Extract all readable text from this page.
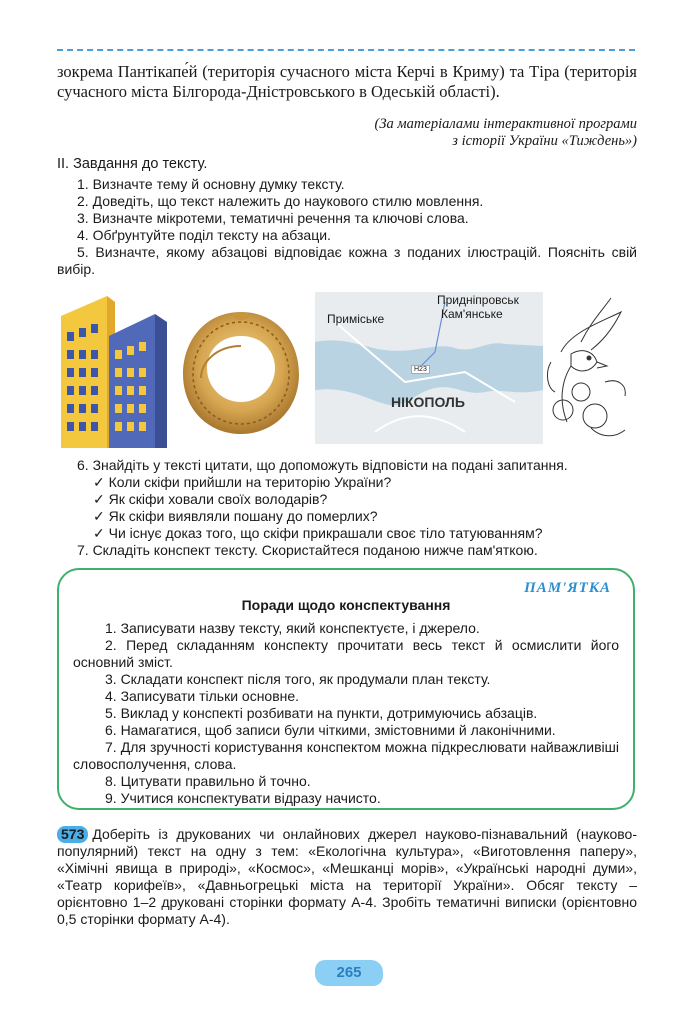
зокрема Пантікапе́й (територія сучасного міста Керчі в Криму) та Тіра (територія сучасного міста Білгорода-Дністровського в Одеській області).
(За матеріалами інтерактивної програми
з історії України «Тиждень»)
ІІ. Завдання до тексту.
1. Визначте тему й основну думку тексту.
2. Доведіть, що текст належить до наукового стилю мовлення.
3. Визначте мікротеми, тематичні речення та ключові слова.
4. Обґрунтуйте поділ тексту на абзаци.
5. Визначте, якому абзацові відповідає кожна з поданих ілюстрацій. Поясніть свій вибір.
Придніпровськ
Кам'янське
Приміське
H23
НІКОПОЛЬ
6. Знайдіть у тексті цитати, що допоможуть відповісти на подані запитання.
✓ Коли скіфи прийшли на територію України?
✓ Як скіфи ховали своїх володарів?
✓ Як скіфи виявляли пошану до померлих?
✓ Чи існує доказ того, що скіфи прикрашали своє тіло татуюванням?
7. Складіть конспект тексту. Скористайтеся поданою нижче пам'яткою.
ПАМ'ЯТКА
Поради щодо конспектування
1. Записувати назву тексту, який конспектуєте, і джерело.
2. Перед складанням конспекту прочитати весь текст й осмислити його основний зміст.
3. Складати конспект після того, як продумали план тексту.
4. Записувати тільки основне.
5. Виклад у конспекті розбивати на пункти, дотримуючись абзаців.
6. Намагатися, щоб записи були чіткими, змістовними й лаконічними.
7. Для зручності користування конспектом можна підкреслювати найважливіші словосполучення, слова.
8. Цитувати правильно й точно.
9. Учитися конспектувати відразу начисто.
573 Доберіть із друкованих чи онлайнових джерел науково-пізнавальний (науково-популярний) текст на одну з тем: «Екологічна культура», «Виготовлення паперу», «Хімічні явища в природі», «Космос», «Мешканці морів», «Українські народні думи», «Театр корифеїв», «Давньогрецькі міста на території України». Обсяг тексту – орієнтовно 1–2 друковані сторінки формату А-4. Зробіть тематичні виписки (орієнтовно 0,5 сторінки формату А-4).
265
